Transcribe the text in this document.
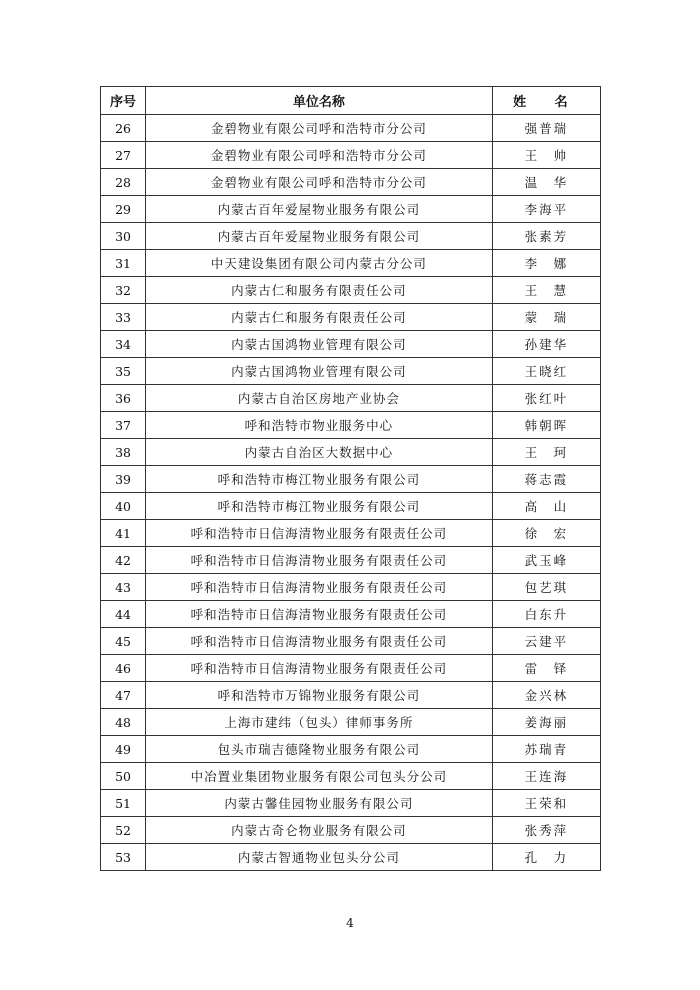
序号	单位名称	姓 名
26	金碧物业有限公司呼和浩特市分公司	强普瑞
27	金碧物业有限公司呼和浩特市分公司	王　帅
28	金碧物业有限公司呼和浩特市分公司	温　华
29	内蒙古百年爱屋物业服务有限公司	李海平
30	内蒙古百年爱屋物业服务有限公司	张素芳
31	中天建设集团有限公司内蒙古分公司	李　娜
32	内蒙古仁和服务有限责任公司	王　慧
33	内蒙古仁和服务有限责任公司	蒙　瑞
34	内蒙古国鸿物业管理有限公司	孙建华
35	内蒙古国鸿物业管理有限公司	王晓红
36	内蒙古自治区房地产业协会	张红叶
37	呼和浩特市物业服务中心	韩朝晖
38	内蒙古自治区大数据中心	王　珂
39	呼和浩特市梅江物业服务有限公司	蒋志霞
40	呼和浩特市梅江物业服务有限公司	高　山
41	呼和浩特市日信海清物业服务有限责任公司	徐　宏
42	呼和浩特市日信海清物业服务有限责任公司	武玉峰
43	呼和浩特市日信海清物业服务有限责任公司	包艺琪
44	呼和浩特市日信海清物业服务有限责任公司	白东升
45	呼和浩特市日信海清物业服务有限责任公司	云建平
46	呼和浩特市日信海清物业服务有限责任公司	雷　铎
47	呼和浩特市万锦物业服务有限公司	金兴林
48	上海市建纬（包头）律师事务所	姜海丽
49	包头市瑞吉德隆物业服务有限公司	苏瑞青
50	中冶置业集团物业服务有限公司包头分公司	王连海
51	内蒙古馨佳园物业服务有限公司	王荣和
52	内蒙古奇仑物业服务有限公司	张秀萍
53	内蒙古智通物业包头分公司	孔　力
4
